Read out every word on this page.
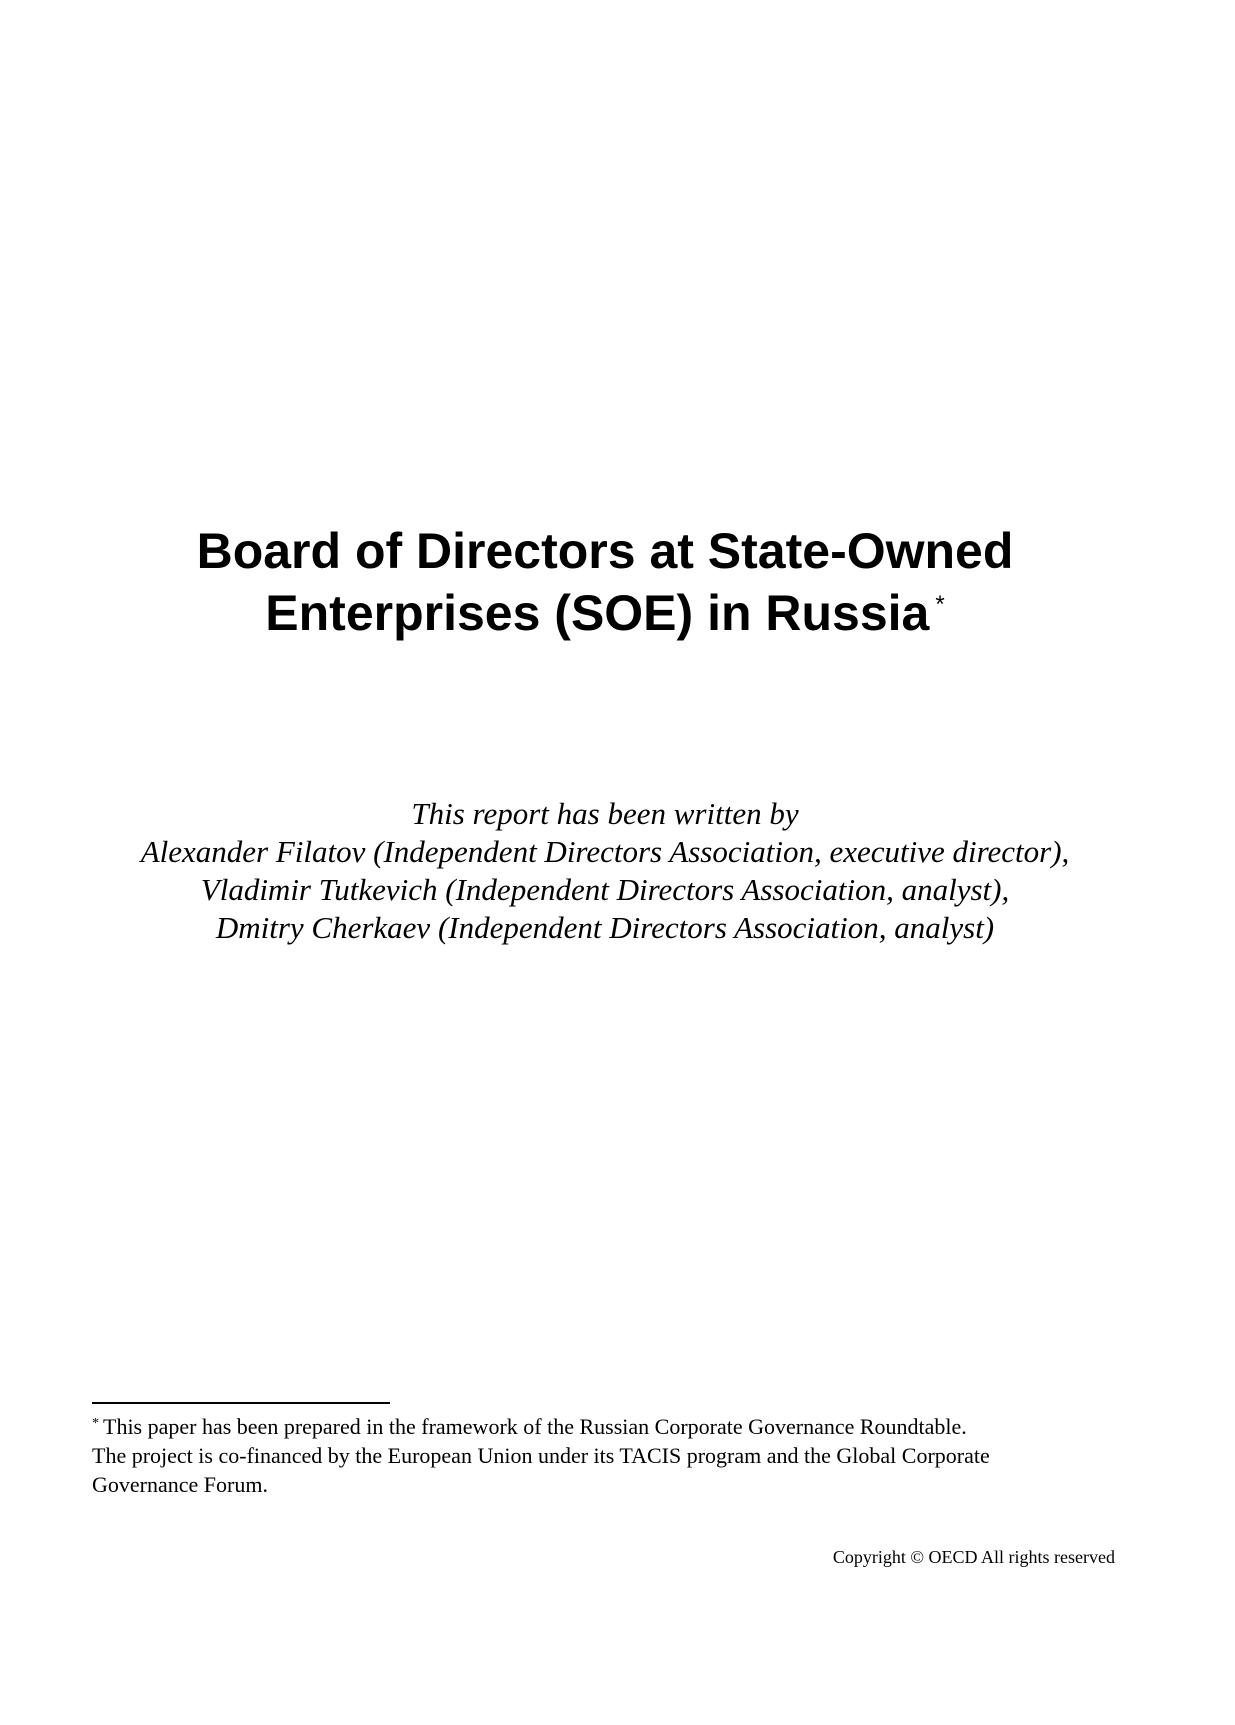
Board of Directors at State-Owned
Enterprises (SOE) in Russia *
This report has been written by
Alexander Filatov (Independent Directors Association, executive director),
Vladimir Tutkevich (Independent Directors Association, analyst),
Dmitry Cherkaev (Independent Directors Association, analyst)
* This paper has been prepared in the framework of the Russian Corporate Governance Roundtable.
The project is co-financed by the European Union under its TACIS program and the Global Corporate
Governance Forum.
Copyright © OECD All rights reserved
